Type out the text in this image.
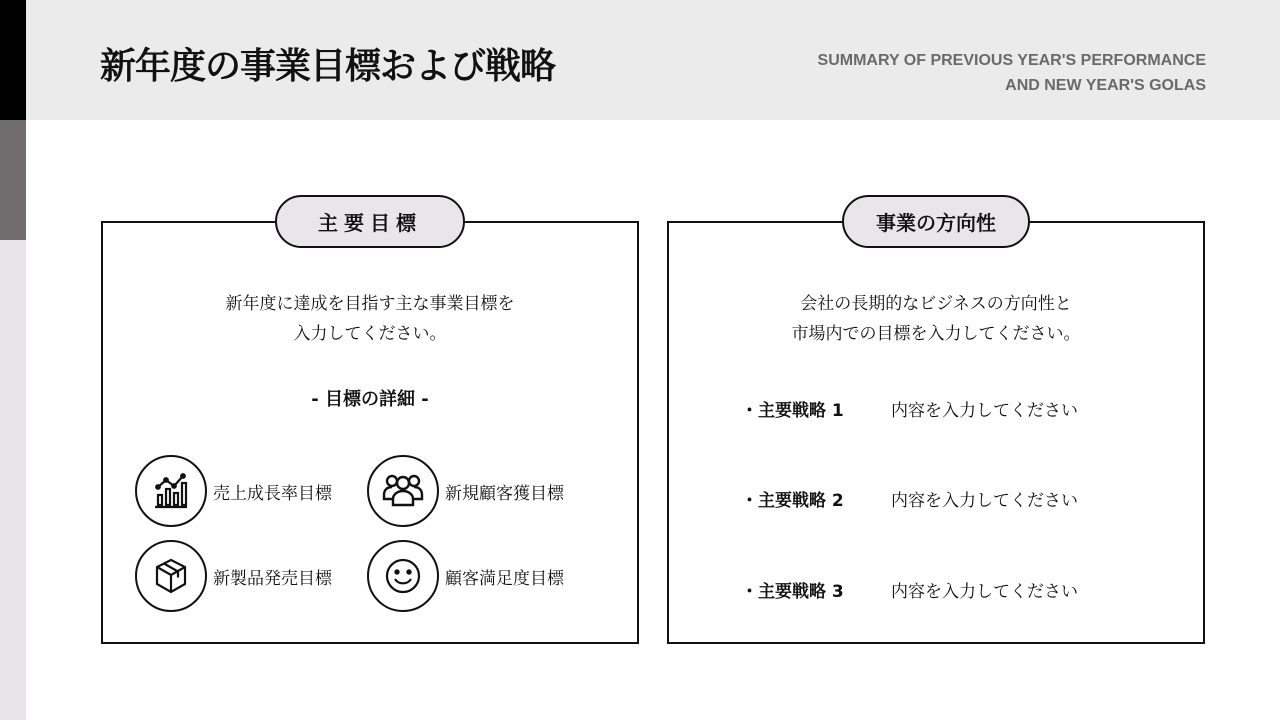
新年度の事業目標および戦略	SUMMARY OF PREVIOUS YEAR'S PERFORMANCE
AND NEW YEAR'S GOLAS
主要目標
新年度に達成を目指す主な事業目標を
入力してください。
- 目標の詳細 -
売上成長率目標	新規顧客獲目標
新製品発売目標	顧客満足度目標
事業の方向性
会社の長期的なビジネスの方向性と
市場内での目標を入力してください。
・主要戦略 1	内容を入力してください
・主要戦略 2	内容を入力してください
・主要戦略 3	内容を入力してください
